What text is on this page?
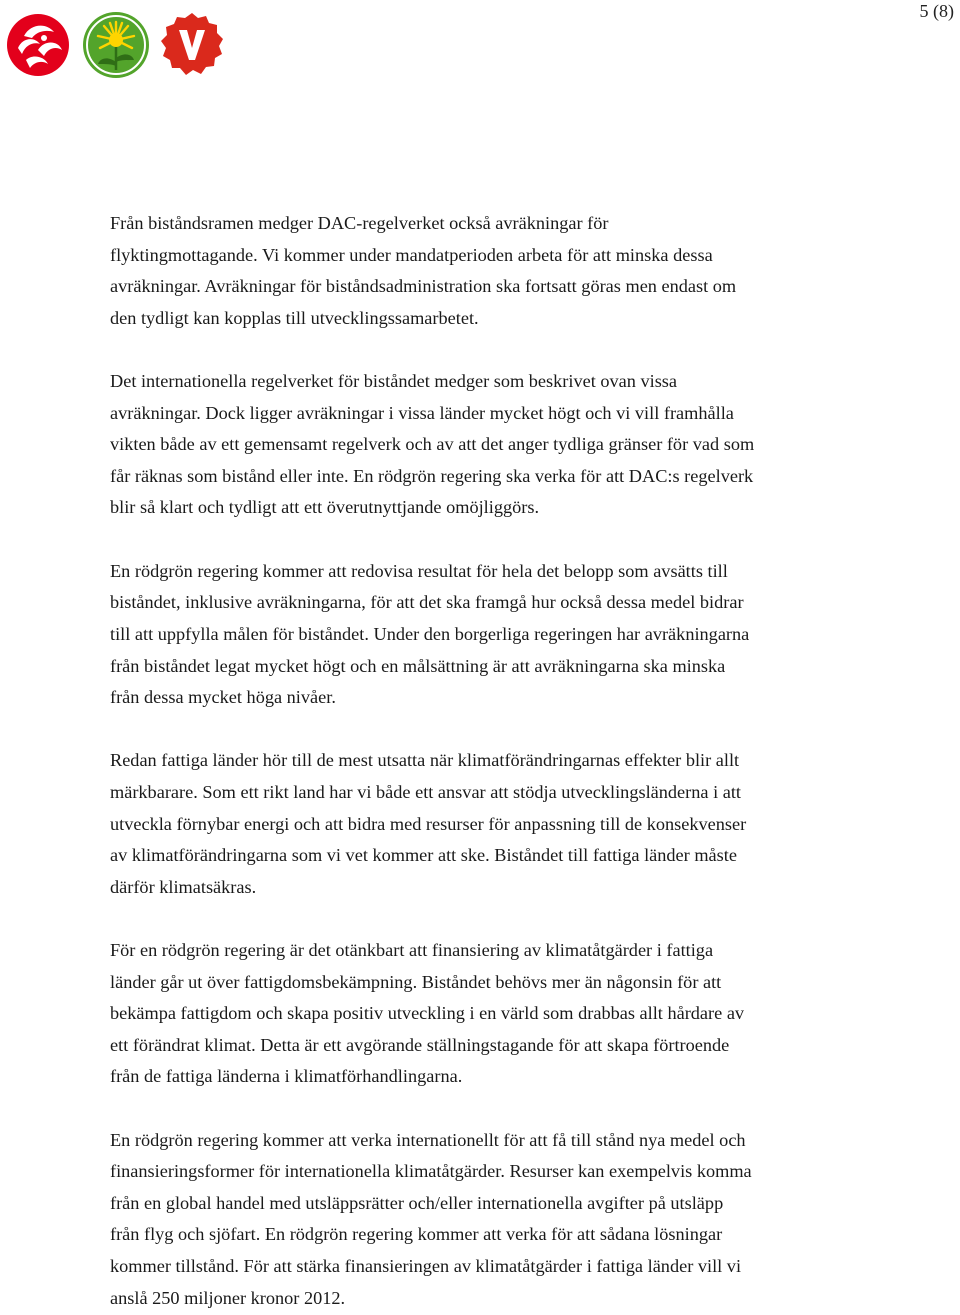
5 (8)

Från biståndsramen medger DAC-regelverket också avräkningar för
flyktingmottagande. Vi kommer under mandatperioden arbeta för att minska dessa
avräkningar. Avräkningar för biståndsadministration ska fortsatt göras men endast om
den tydligt kan kopplas till utvecklingssamarbetet.

Det internationella regelverket för biståndet medger som beskrivet ovan vissa
avräkningar. Dock ligger avräkningar i vissa länder mycket högt och vi vill framhålla
vikten både av ett gemensamt regelverk och av att det anger tydliga gränser för vad som
får räknas som bistånd eller inte. En rödgrön regering ska verka för att DAC:s regelverk
blir så klart och tydligt att ett överutnyttjande omöjliggörs.

En rödgrön regering kommer att redovisa resultat för hela det belopp som avsätts till
biståndet, inklusive avräkningarna, för att det ska framgå hur också dessa medel bidrar
till att uppfylla målen för biståndet. Under den borgerliga regeringen har avräkningarna
från biståndet legat mycket högt och en målsättning är att avräkningarna ska minska
från dessa mycket höga nivåer.

Redan fattiga länder hör till de mest utsatta när klimatförändringarnas effekter blir allt
märkbarare. Som ett rikt land har vi både ett ansvar att stödja utvecklingsländerna i att
utveckla förnybar energi och att bidra med resurser för anpassning till de konsekvenser
av klimatförändringarna som vi vet kommer att ske. Biståndet till fattiga länder måste
därför klimatsäkras.

För en rödgrön regering är det otänkbart att finansiering av klimatåtgärder i fattiga
länder går ut över fattigdomsbekämpning. Biståndet behövs mer än någonsin för att
bekämpa fattigdom och skapa positiv utveckling i en värld som drabbas allt hårdare av
ett förändrat klimat. Detta är ett avgörande ställningstagande för att skapa förtroende
från de fattiga länderna i klimatförhandlingarna.

En rödgrön regering kommer att verka internationellt för att få till stånd nya medel och
finansieringsformer för internationella klimatåtgärder. Resurser kan exempelvis komma
från en global handel med utsläppsrätter och/eller internationella avgifter på utsläpp
från flyg och sjöfart. En rödgrön regering kommer att verka för att sådana lösningar
kommer tillstånd. För att stärka finansieringen av klimatåtgärder i fattiga länder vill vi
anslå 250 miljoner kronor 2012.
